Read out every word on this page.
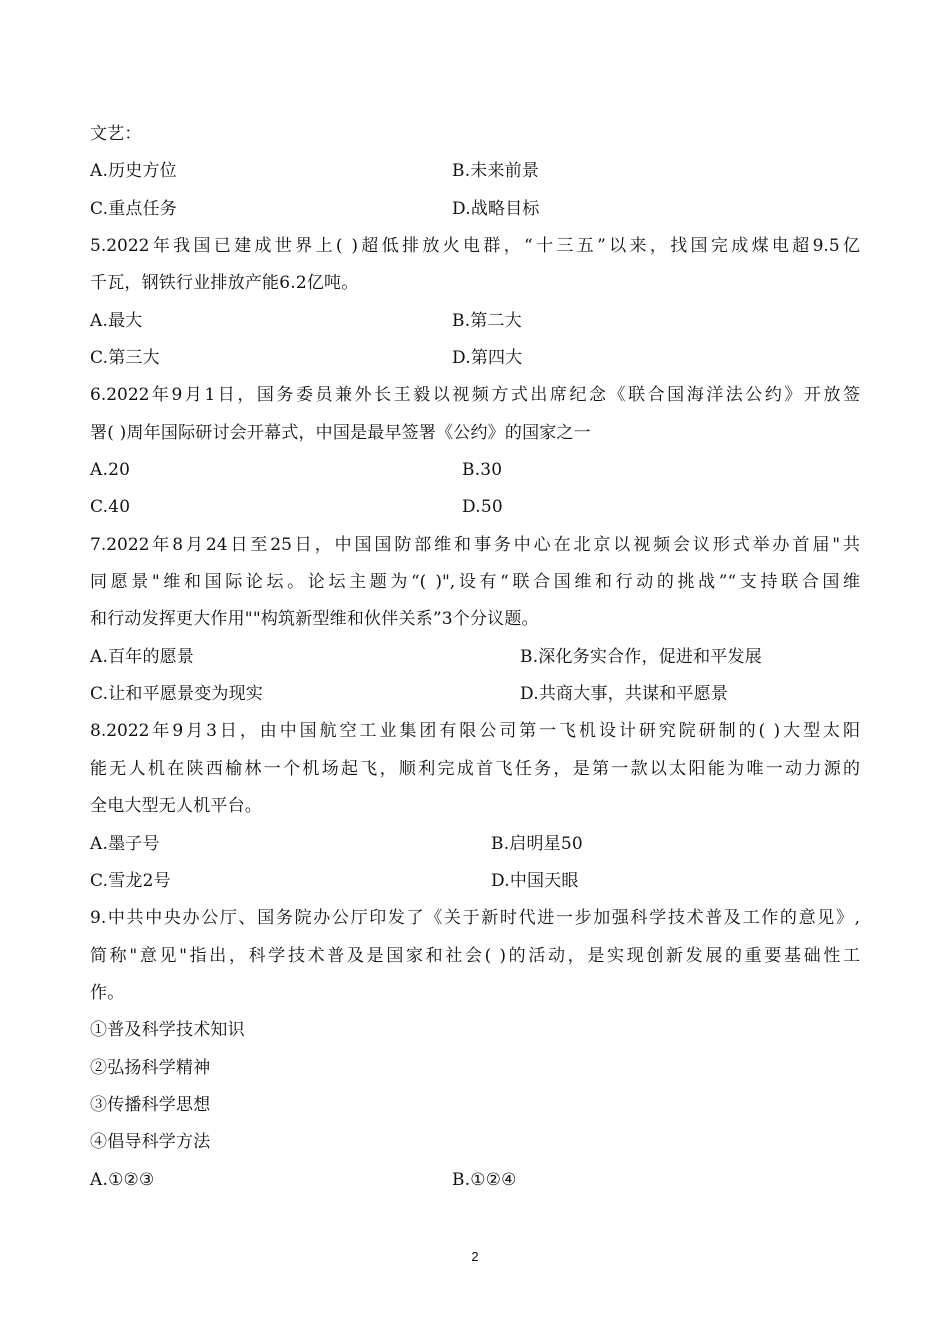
文艺：
A.历史方位	B.未来前景
C.重点任务	D.战略目标
5.2022年我国已建成世界上( )超低排放火电群，“十三五”以来，找国完成煤电超9.5亿
千瓦，钢铁行业排放产能6.2亿吨。
A.最大	B.第二大
C.第三大	D.第四大
6.2022年9月1日，国务委员兼外长王毅以视频方式出席纪念《联合国海洋法公约》开放签
署( )周年国际研讨会开幕式，中国是最早签署《公约》的国家之一
A.20	B.30
C.40	D.50
7.2022年8月24日至25日，中国国防部维和事务中心在北京以视频会议形式举办首届"共
同愿景"维和国际论坛。论坛主题为“( )",设有“联合国维和行动的挑战”“支持联合国维
和行动发挥更大作用""构筑新型维和伙伴关系”3个分议题。
A.百年的愿景	B.深化务实合作，促进和平发展
C.让和平愿景变为现实	D.共商大事，共谋和平愿景
8.2022年9月3日，由中国航空工业集团有限公司第一飞机设计研究院研制的( )大型太阳
能无人机在陕西榆林一个机场起飞，顺利完成首飞任务，是第一款以太阳能为唯一动力源的
全电大型无人机平台。
A.墨子号	B.启明星50
C.雪龙2号	D.中国天眼
9.中共中央办公厅、国务院办公厅印发了《关于新时代进一步加强科学技术普及工作的意见》,
简称"意见"指出，科学技术普及是国家和社会( )的活动，是实现创新发展的重要基础性工
作。
①普及科学技术知识
②弘扬科学精神
③传播科学思想
④倡导科学方法
A.①②③	B.①②④
2
